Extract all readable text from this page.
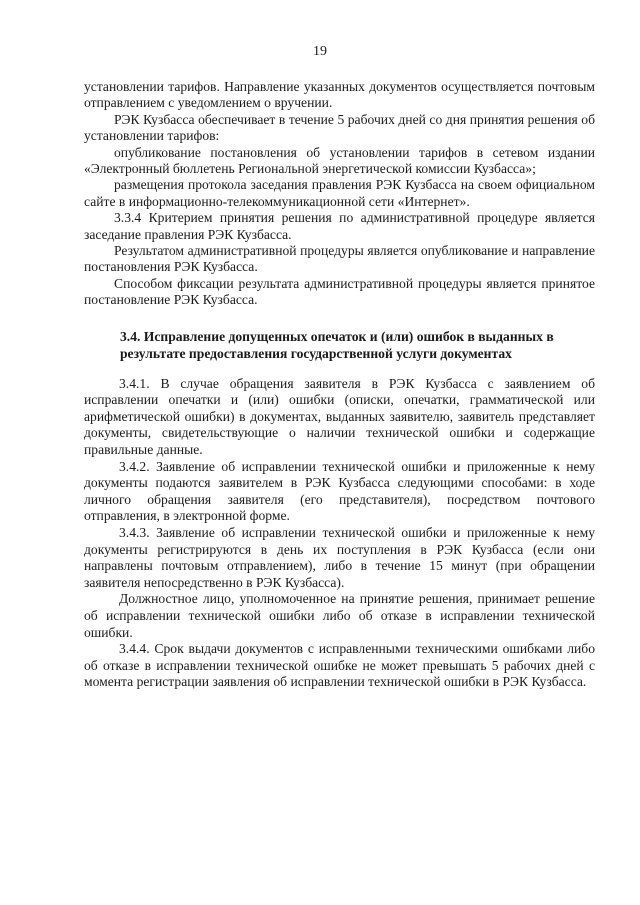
19

установлении тарифов. Направление указанных документов осуществляется почтовым отправлением с уведомлением о вручении.

РЭК Кузбасса обеспечивает в течение 5 рабочих дней со дня принятия решения об установлении тарифов:

опубликование постановления об установлении тарифов в сетевом издании «Электронный бюллетень Региональной энергетической комиссии Кузбасса»;

размещения протокола заседания правления РЭК Кузбасса на своем официальном сайте в информационно-телекоммуникационной сети «Интернет».

3.3.4 Критерием принятия решения по административной процедуре является заседание правления РЭК Кузбасса.

Результатом административной процедуры является опубликование и направление постановления РЭК Кузбасса.

Способом фиксации результата административной процедуры является принятое постановление РЭК Кузбасса.

3.4. Исправление допущенных опечаток и (или) ошибок в выданных в результате предоставления государственной услуги документах

3.4.1. В случае обращения заявителя в РЭК Кузбасса с заявлением об исправлении опечатки и (или) ошибки (описки, опечатки, грамматической или арифметической ошибки) в документах, выданных заявителю, заявитель представляет документы, свидетельствующие о наличии технической ошибки и содержащие правильные данные.

3.4.2. Заявление об исправлении технической ошибки и приложенные к нему документы подаются заявителем в РЭК Кузбасса следующими способами: в ходе личного обращения заявителя (его представителя), посредством почтового отправления, в электронной форме.

3.4.3. Заявление об исправлении технической ошибки и приложенные к нему документы регистрируются в день их поступления в РЭК Кузбасса (если они направлены почтовым отправлением), либо в течение 15 минут (при обращении заявителя непосредственно в РЭК Кузбасса).

Должностное лицо, уполномоченное на принятие решения, принимает решение об исправлении технической ошибки либо об отказе в исправлении технической ошибки.

3.4.4. Срок выдачи документов с исправленными техническими ошибками либо об отказе в исправлении технической ошибке не может превышать 5 рабочих дней с момента регистрации заявления об исправлении технической ошибки в РЭК Кузбасса.
